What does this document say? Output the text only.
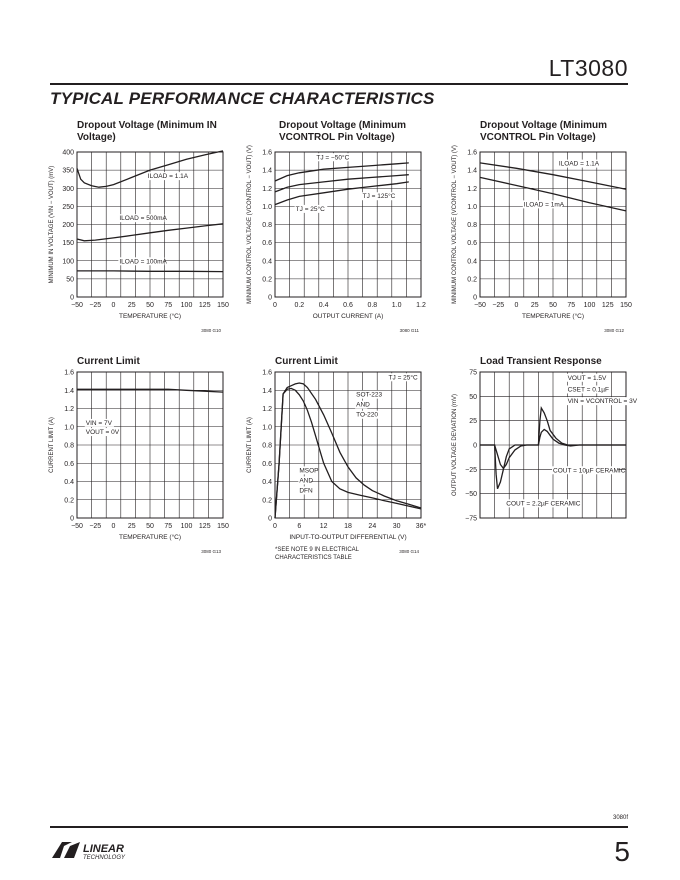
LT3080
TYPICAL PERFORMANCE CHARACTERISTICS
Dropout Voltage (Minimum IN
Voltage)
0
50
100
150
200
250
300
350
400
MINIMUM IN VOLTAGE (VIN − VOUT) (mV)	ILOAD = 1.1A
ILOAD = 500mA
ILOAD = 100mA
−50 −25 0 25 50 75 100 125 150
TEMPERATURE (°C)
3080 G10
Dropout Voltage (Minimum
VCONTROL Pin Voltage)
0
0.2
0.4
0.6
0.8
1.0
1.2
1.4
1.6
MINIMUM CONTROL VOLTAGE (VCONTROL − VOUT) (V)	TJ = −50°C
TJ = 25°C
TJ = 125°C
0	0.2 0.4 0.6 0.8 1.0 1.2
OUTPUT CURRENT (A)
3080 G11
Dropout Voltage (Minimum
VCONTROL Pin Voltage)
0
0.2
0.4
0.6
0.8
1.0
1.2
1.4
1.6
MINIMUM CONTROL VOLTAGE (VCONTROL − VOUT) (V)	ILOAD = 1.1A
ILOAD = 1mA
−50 −25 0 25 50 75 100 125 150
TEMPERATURE (°C)
3080 G12
Current Limit
0
0.2
0.4
0.6
0.8
1.0
1.2
1.4
1.6
CURRENT LIMIT (A)	VIN = 7V
VOUT = 0V
−50 −25 0 25 50 75 100 125 150
TEMPERATURE (°C)
3080 G13
Current Limit
0
0.2
0.4
0.6
0.8
1.0
1.2
1.4
1.6
CURRENT LIMIT (A)
TJ = 25°C
SOT-223
AND
TO-220
MSOP
AND
DFN
0	6	12 18 24 30 36*
INPUT-TO-OUTPUT DIFFERENTIAL (V)
*SEE NOTE 9 IN ELECTRICAL
CHARACTERISTICS TABLE
3080 G14
Load Transient Response
−75
−50
−25
0
25
50
75
OUTPUT VOLTAGE DEVIATION (mV)
VOUT = 1.5V
CSET = 0.1µF
VIN = VCONTROL = 3V
COUT = 10µF CERAMIC
COUT = 2.2µF CERAMIC
3080f
LINEAR
TECHNOLOGY	5
